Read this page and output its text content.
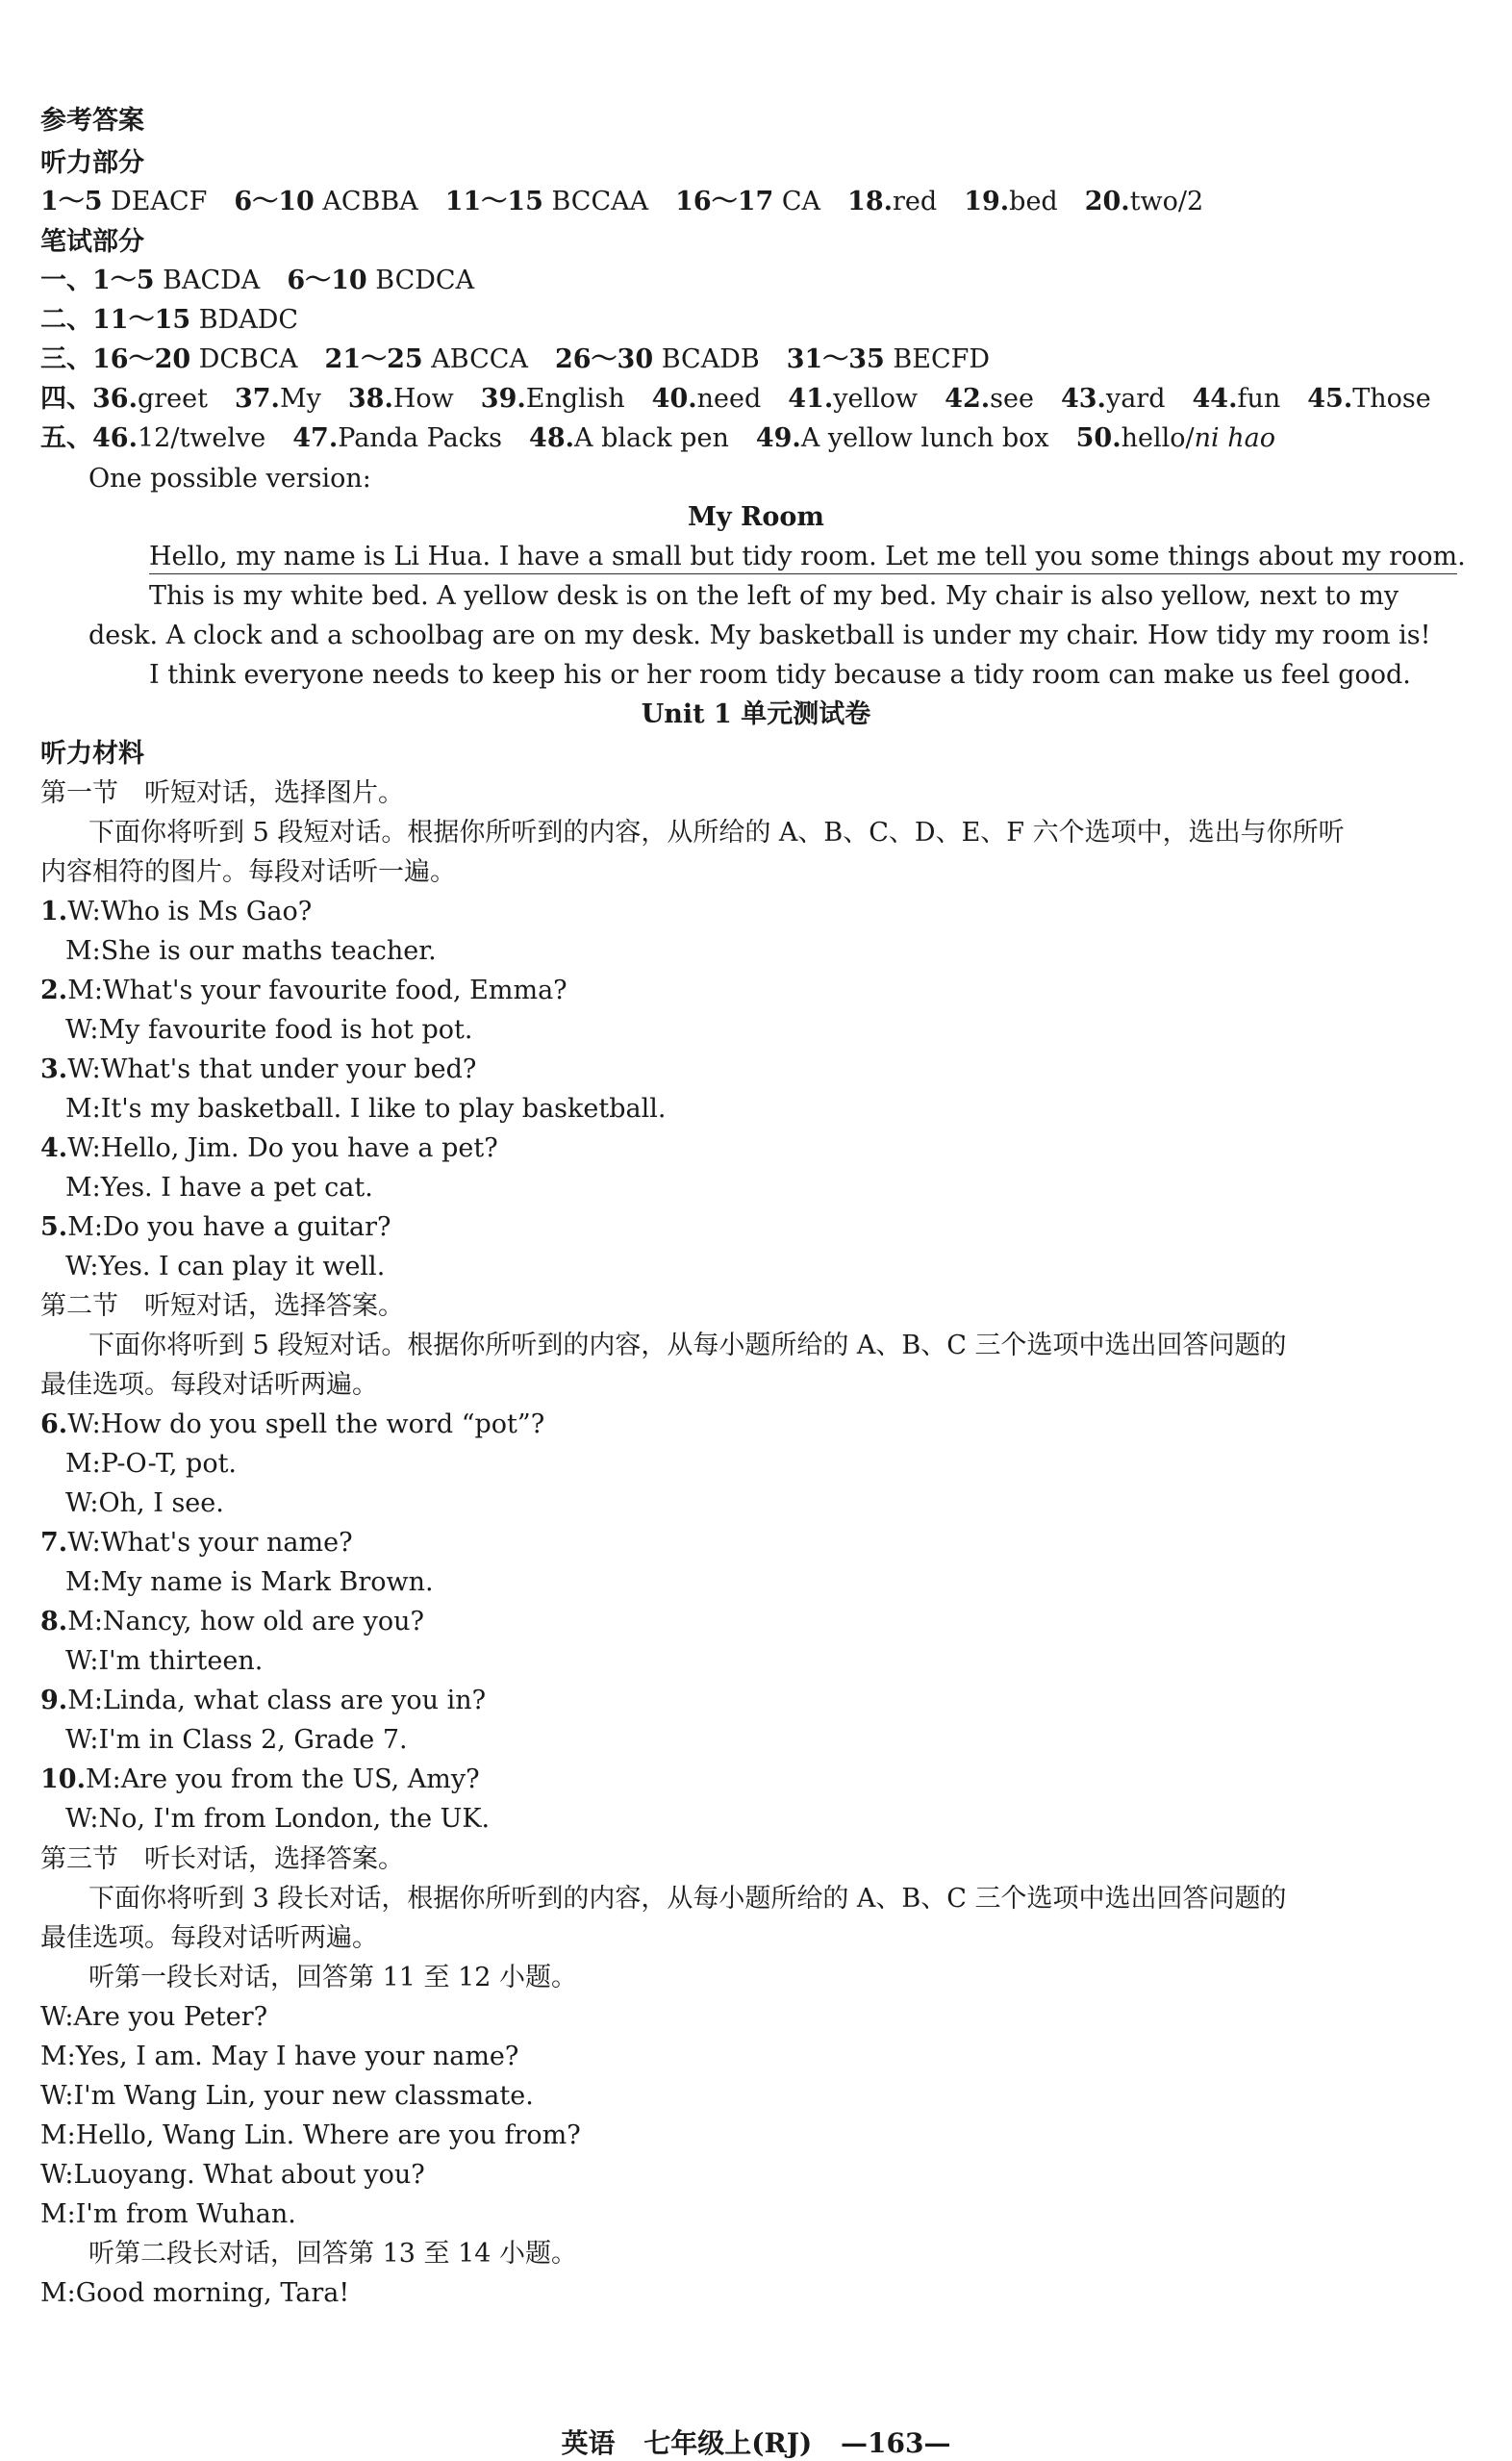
参考答案
听力部分
1～5 DEACF 6～10 ACBBA 11～15 BCCAA 16～17 CA 18.red 19.bed 20.two/2
笔试部分
一、1～5 BACDA 6～10 BCDCA
二、11～15 BDADC
三、16～20 DCBCA 21～25 ABCCA 26～30 BCADB 31～35 BECFD
四、36.greet 37.My 38.How 39.English 40.need 41.yellow 42.see 43.yard 44.fun 45.Those
五、46.12/twelve 47.Panda Packs 48.A black pen 49.A yellow lunch box 50.hello/ni hao
One possible version:
My Room
Hello, my name is Li Hua. I have a small but tidy room. Let me tell you some things about my room.
This is my white bed. A yellow desk is on the left of my bed. My chair is also yellow, next to my
desk. A clock and a schoolbag are on my desk. My basketball is under my chair. How tidy my room is!
I think everyone needs to keep his or her room tidy because a tidy room can make us feel good.
Unit 1 单元测试卷
听力材料
第一节　听短对话，选择图片。
下面你将听到 5 段短对话。根据你所听到的内容，从所给的 A、B、C、D、E、F 六个选项中，选出与你所听
内容相符的图片。每段对话听一遍。
1.W:Who is Ms Gao?
M:She is our maths teacher.
2.M:What's your favourite food, Emma?
W:My favourite food is hot pot.
3.W:What's that under your bed?
M:It's my basketball. I like to play basketball.
4.W:Hello, Jim. Do you have a pet?
M:Yes. I have a pet cat.
5.M:Do you have a guitar?
W:Yes. I can play it well.
第二节　听短对话，选择答案。
下面你将听到 5 段短对话。根据你所听到的内容，从每小题所给的 A、B、C 三个选项中选出回答问题的
最佳选项。每段对话听两遍。
6.W:How do you spell the word “pot”?
M:P-O-T, pot.
W:Oh, I see.
7.W:What's your name?
M:My name is Mark Brown.
8.M:Nancy, how old are you?
W:I'm thirteen.
9.M:Linda, what class are you in?
W:I'm in Class 2, Grade 7.
10.M:Are you from the US, Amy?
W:No, I'm from London, the UK.
第三节　听长对话，选择答案。
下面你将听到 3 段长对话，根据你所听到的内容，从每小题所给的 A、B、C 三个选项中选出回答问题的
最佳选项。每段对话听两遍。
听第一段长对话，回答第 11 至 12 小题。
W:Are you Peter?
M:Yes, I am. May I have your name?
W:I'm Wang Lin, your new classmate.
M:Hello, Wang Lin. Where are you from?
W:Luoyang. What about you?
M:I'm from Wuhan.
听第二段长对话，回答第 13 至 14 小题。
M:Good morning, Tara!
英语 七年级上(RJ) —163—
